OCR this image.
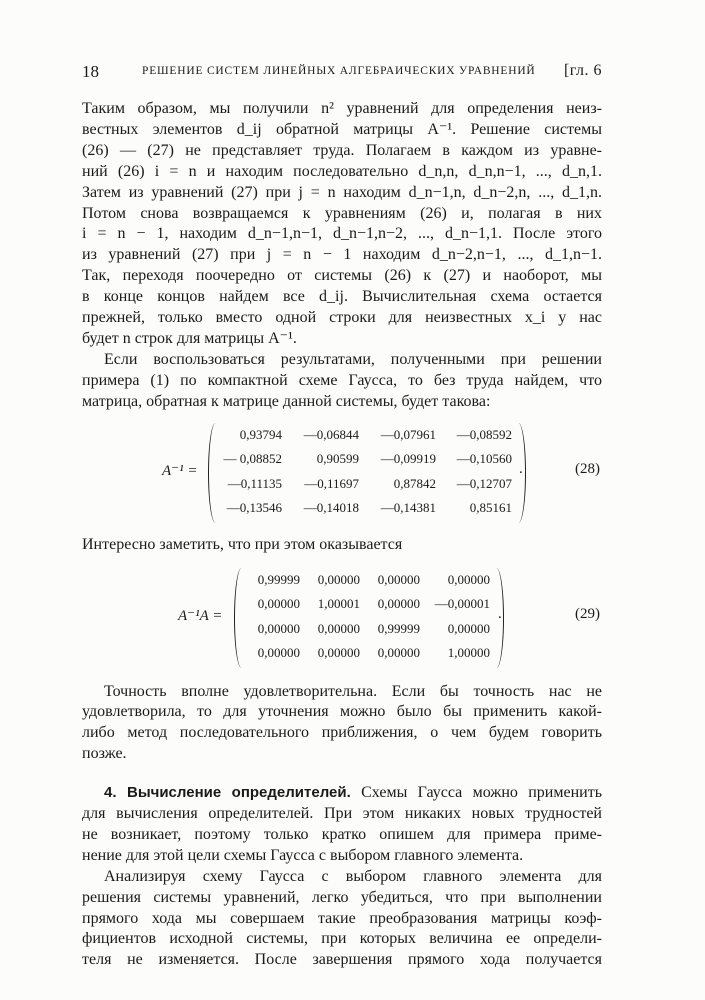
18	РЕШЕНИЕ СИСТЕМ ЛИНЕЙНЫХ АЛГЕБРАИЧЕСКИХ УРАВНЕНИЙ [гл. 6

Таким образом, мы получили n² уравнений для определения неиз-
вестных элементов d_ij обратной матрицы A⁻¹. Решение системы
(26) — (27) не представляет труда. Полагаем в каждом из уравне-
ний (26) i = n и находим последовательно d_n,n, d_n,n−1, ..., d_n,1.
Затем из уравнений (27) при j = n находим d_n−1,n, d_n−2,n, ..., d_1,n.
Потом снова возвращаемся к уравнениям (26) и, полагая в них
i = n − 1, находим d_n−1,n−1, d_n−1,n−2, ..., d_n−1,1. После этого
из уравнений (27) при j = n − 1 находим d_n−2,n−1, ..., d_1,n−1.
Так, переходя поочередно от системы (26) к (27) и наоборот, мы
в конце концов найдем все d_ij. Вычислительная схема остается
прежней, только вместо одной строки для неизвестных x_i у нас
будет n строк для матрицы A⁻¹.

Если воспользоваться результатами, полученными при решении
примера (1) по компактной схеме Гаусса, то без труда найдем, что
матрица, обратная к матрице данной системы, будет такова:

A⁻¹ =
0,93794	—0,06844	—0,07961	—0,08592
— 0,08852	0,90599	—0,09919	—0,10560
—0,11135	—0,11697	0,87842	—0,12707
—0,13546	—0,14018	—0,14381	0,85161
.	(28)

Интересно заметить, что при этом оказывается

A⁻¹A =
0,99999	0,00000	0,00000	0,00000
0,00000	1,00001	0,00000	—0,00001
0,00000	0,00000	0,99999	0,00000
0,00000	0,00000	0,00000	1,00000
.	(29)

Точность вполне удовлетворительна. Если бы точность нас не
удовлетворила, то для уточнения можно было бы применить какой-
либо метод последовательного приближения, о чем будем говорить
позже.

4. Вычисление определителей. Схемы Гаусса можно применить
для вычисления определителей. При этом никаких новых трудностей
не возникает, поэтому только кратко опишем для примера приме-
нение для этой цели схемы Гаусса с выбором главного элемента.

Анализируя схему Гаусса с выбором главного элемента для
решения системы уравнений, легко убедиться, что при выполнении
прямого хода мы совершаем такие преобразования матрицы коэф-
фициентов исходной системы, при которых величина ее определи-
теля не изменяется. После завершения прямого хода получается
